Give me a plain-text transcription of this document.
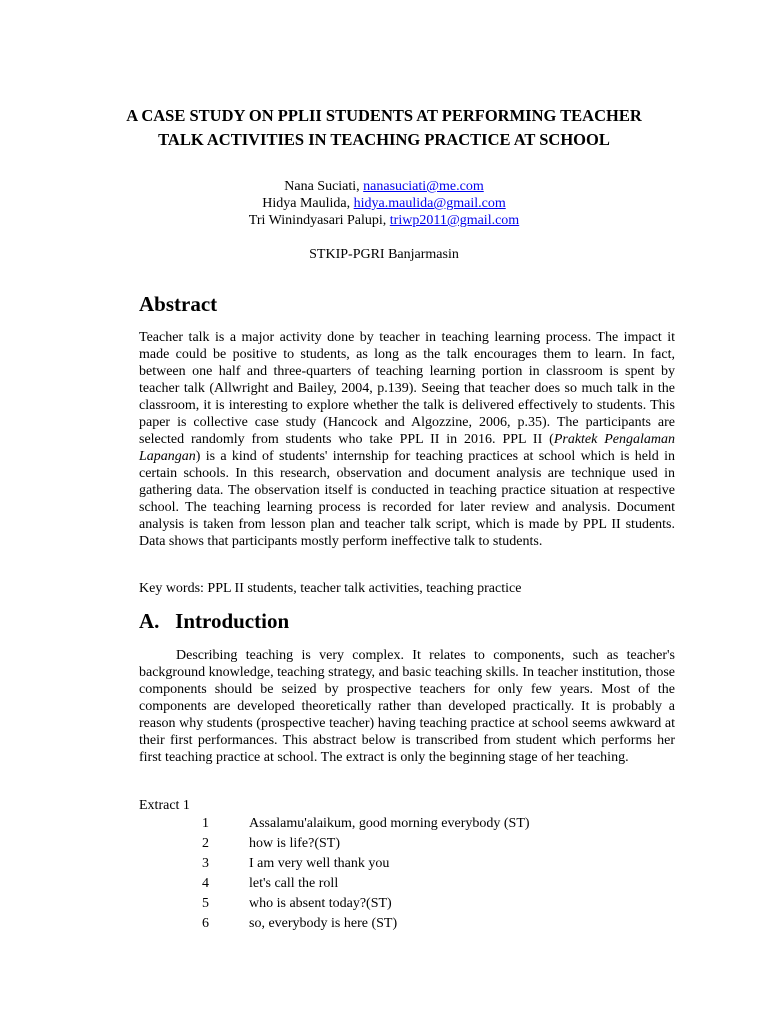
A CASE STUDY ON PPLII STUDENTS AT PERFORMING TEACHER TALK ACTIVITIES IN TEACHING PRACTICE AT SCHOOL
Nana Suciati, nanasuciati@me.com
Hidya Maulida, hidya.maulida@gmail.com
Tri Winindyasari Palupi, triwp2011@gmail.com
STKIP-PGRI Banjarmasin
Abstract

Teacher talk is a major activity done by teacher in teaching learning process. The impact it made could be positive to students, as long as the talk encourages them to learn. In fact, between one half and three-quarters of teaching learning portion in classroom is spent by teacher talk (Allwright and Bailey, 2004, p.139). Seeing that teacher does so much talk in the classroom, it is interesting to explore whether the talk is delivered effectively to students. This paper is collective case study (Hancock and Algozzine, 2006, p.35). The participants are selected randomly from students who take PPL II in 2016. PPL II (Praktek Pengalaman Lapangan) is a kind of students' internship for teaching practices at school which is held in certain schools. In this research, observation and document analysis are technique used in gathering data. The observation itself is conducted in teaching practice situation at respective school. The teaching learning process is recorded for later review and analysis. Document analysis is taken from lesson plan and teacher talk script, which is made by PPL II students. Data shows that participants mostly perform ineffective talk to students.

Key words: PPL II students, teacher talk activities, teaching practice

A.   Introduction

Describing teaching is very complex. It relates to components, such as teacher's background knowledge, teaching strategy, and basic teaching skills. In teacher institution, those components should be seized by prospective teachers for only few years. Most of the components are developed theoretically rather than developed practically. It is probably a reason why students (prospective teacher) having teaching practice at school seems awkward at their first performances. This abstract below is transcribed from student which performs her first teaching practice at school. The extract is only the beginning stage of her teaching.

Extract 1
1	Assalamu'alaikum, good morning everybody (ST)
2	how is life?(ST)
3	I am very well thank you
4	let's call the roll
5	who is absent today?(ST)
6	so, everybody is here (ST)
